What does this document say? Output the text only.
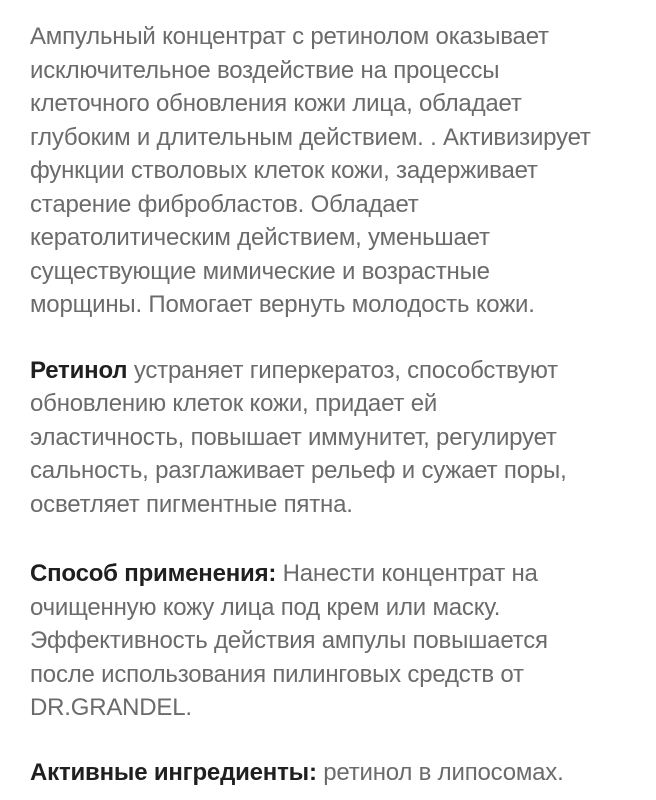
Ампульный концентрат с ретинолом оказывает
исключительное воздействие на процессы
клеточного обновления кожи лица, обладает
глубоким и длительным действием. . Активизирует
функции стволовых клеток кожи, задерживает
старение фибробластов. Обладает
кератолитическим действием, уменьшает
существующие мимические и возрастные
морщины. Помогает вернуть молодость кожи.

Ретинол устраняет гиперкератоз, способствуют
обновлению клеток кожи, придает ей
эластичность, повышает иммунитет, регулирует
сальность, разглаживает рельеф и сужает поры,
осветляет пигментные пятна.

Способ применения: Нанести концентрат на
очищенную кожу лица под крем или маску.
Эффективность действия ампулы повышается
после использования пилинговых средств от
DR.GRANDEL.

Активные ингредиенты: ретинол в липосомах.
